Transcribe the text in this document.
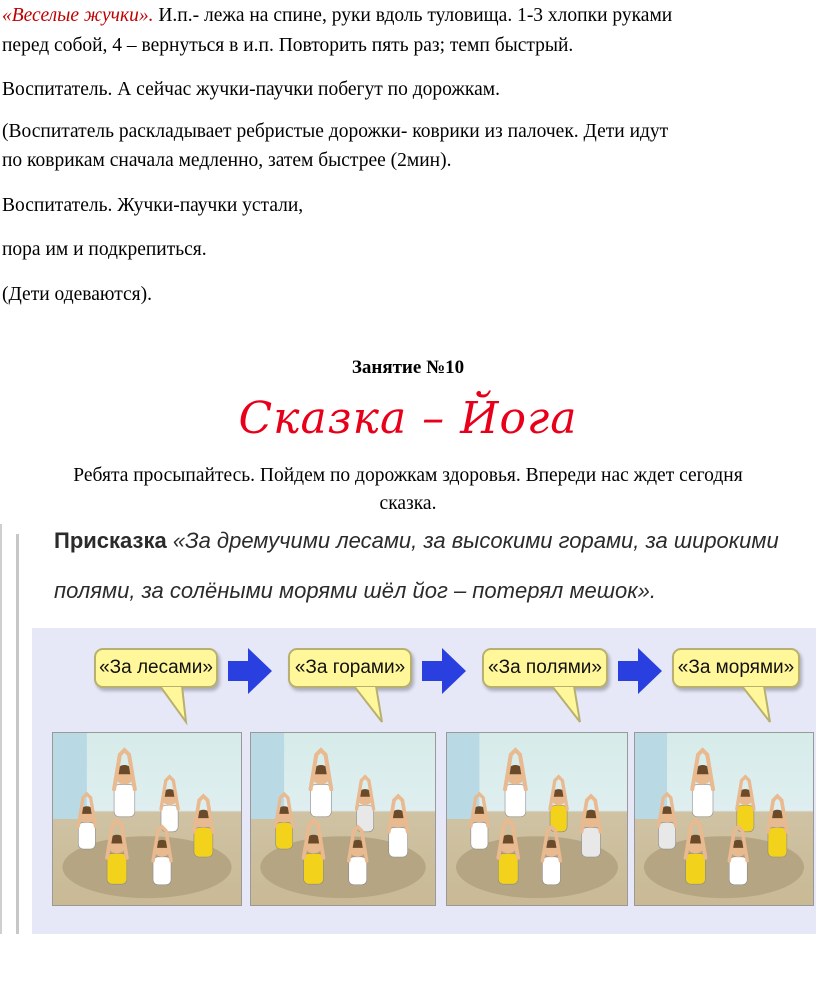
«Веселые жучки». И.п.- лежа на спине, руки вдоль туловища. 1-3 хлопки руками

перед собой, 4 – вернуться в и.п. Повторить пять раз; темп быстрый.

Воспитатель. А сейчас жучки-паучки побегут по дорожкам.

(Воспитатель раскладывает ребристые дорожки- коврики из палочек. Дети идут

по коврикам сначала медленно, затем быстрее (2мин).

Воспитатель. Жучки-паучки устали,

пора им и подкрепиться.

(Дети одеваются).

Занятие №10

Сказка – Йога

Ребята просыпайтесь. Пойдем по дорожкам здоровья. Впереди нас ждет сегодня

сказка.

Присказка «За дремучими лесами, за высокими горами, за широкими
полями, за солёными морями шёл йог – потерял мешок».
«За лесами»	«За горами»	«За полями»	«За морями»
